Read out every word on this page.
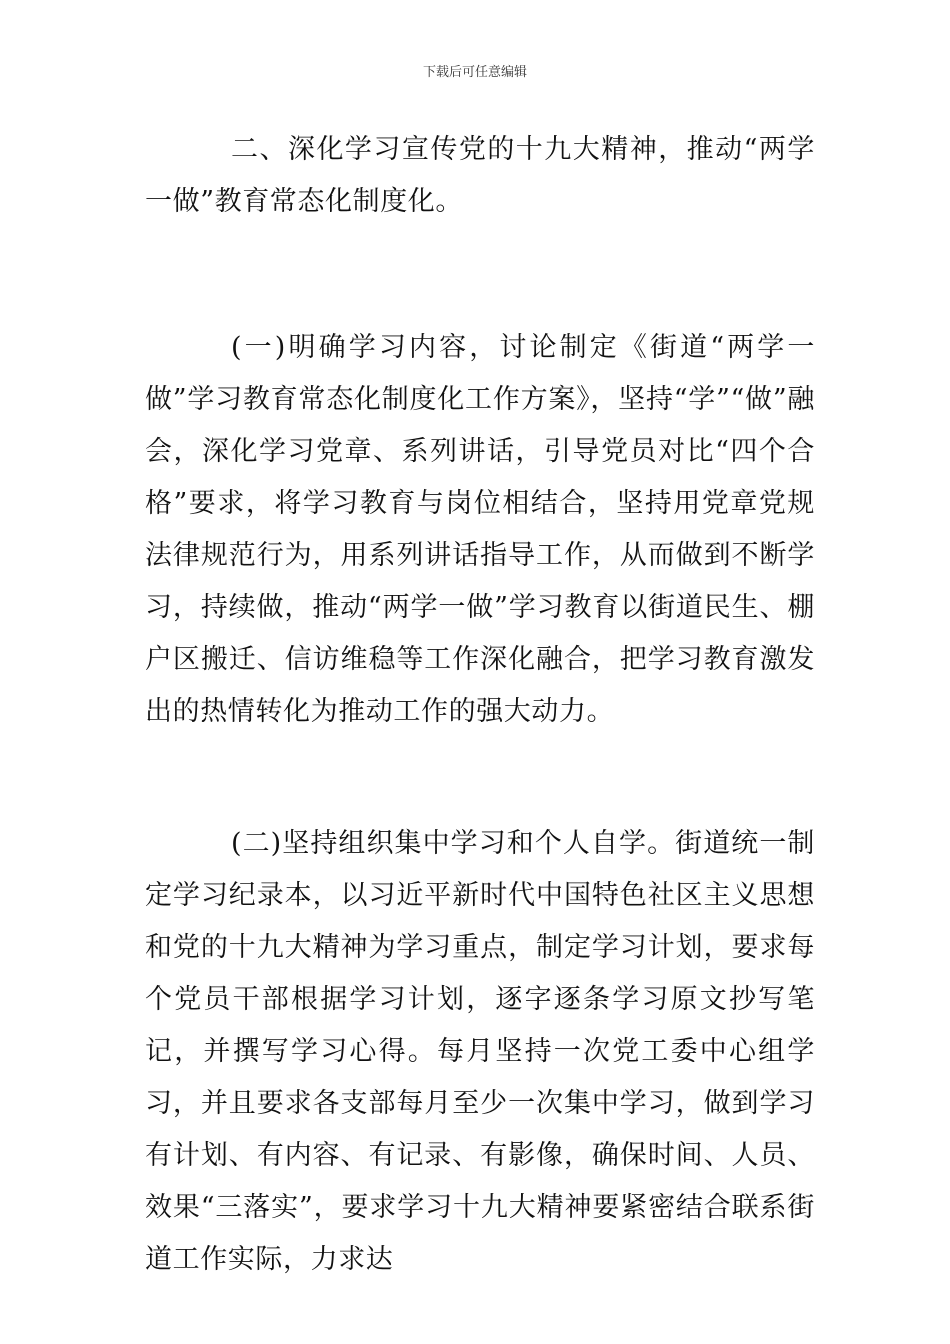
下载后可任意编辑

二、深化学习宣传党的十九大精神，推动“两学一做”教育常态化制度化。

(一)明确学习内容，讨论制定《街道“两学一做”学习教育常态化制度化工作方案》，坚持“学”“做”融会，深化学习党章、系列讲话，引导党员对比“四个合格”要求，将学习教育与岗位相结合，坚持用党章党规法律规范行为，用系列讲话指导工作，从而做到不断学习，持续做，推动“两学一做”学习教育以街道民生、棚户区搬迁、信访维稳等工作深化融合，把学习教育激发出的热情转化为推动工作的强大动力。

(二)坚持组织集中学习和个人自学。街道统一制定学习纪录本，以习近平新时代中国特色社区主义思想和党的十九大精神为学习重点，制定学习计划，要求每个党员干部根据学习计划，逐字逐条学习原文抄写笔记，并撰写学习心得。每月坚持一次党工委中心组学习，并且要求各支部每月至少一次集中学习，做到学习有计划、有内容、有记录、有影像，确保时间、人员、效果“三落实”，要求学习十九大精神要紧密结合联系街道工作实际，力求达
